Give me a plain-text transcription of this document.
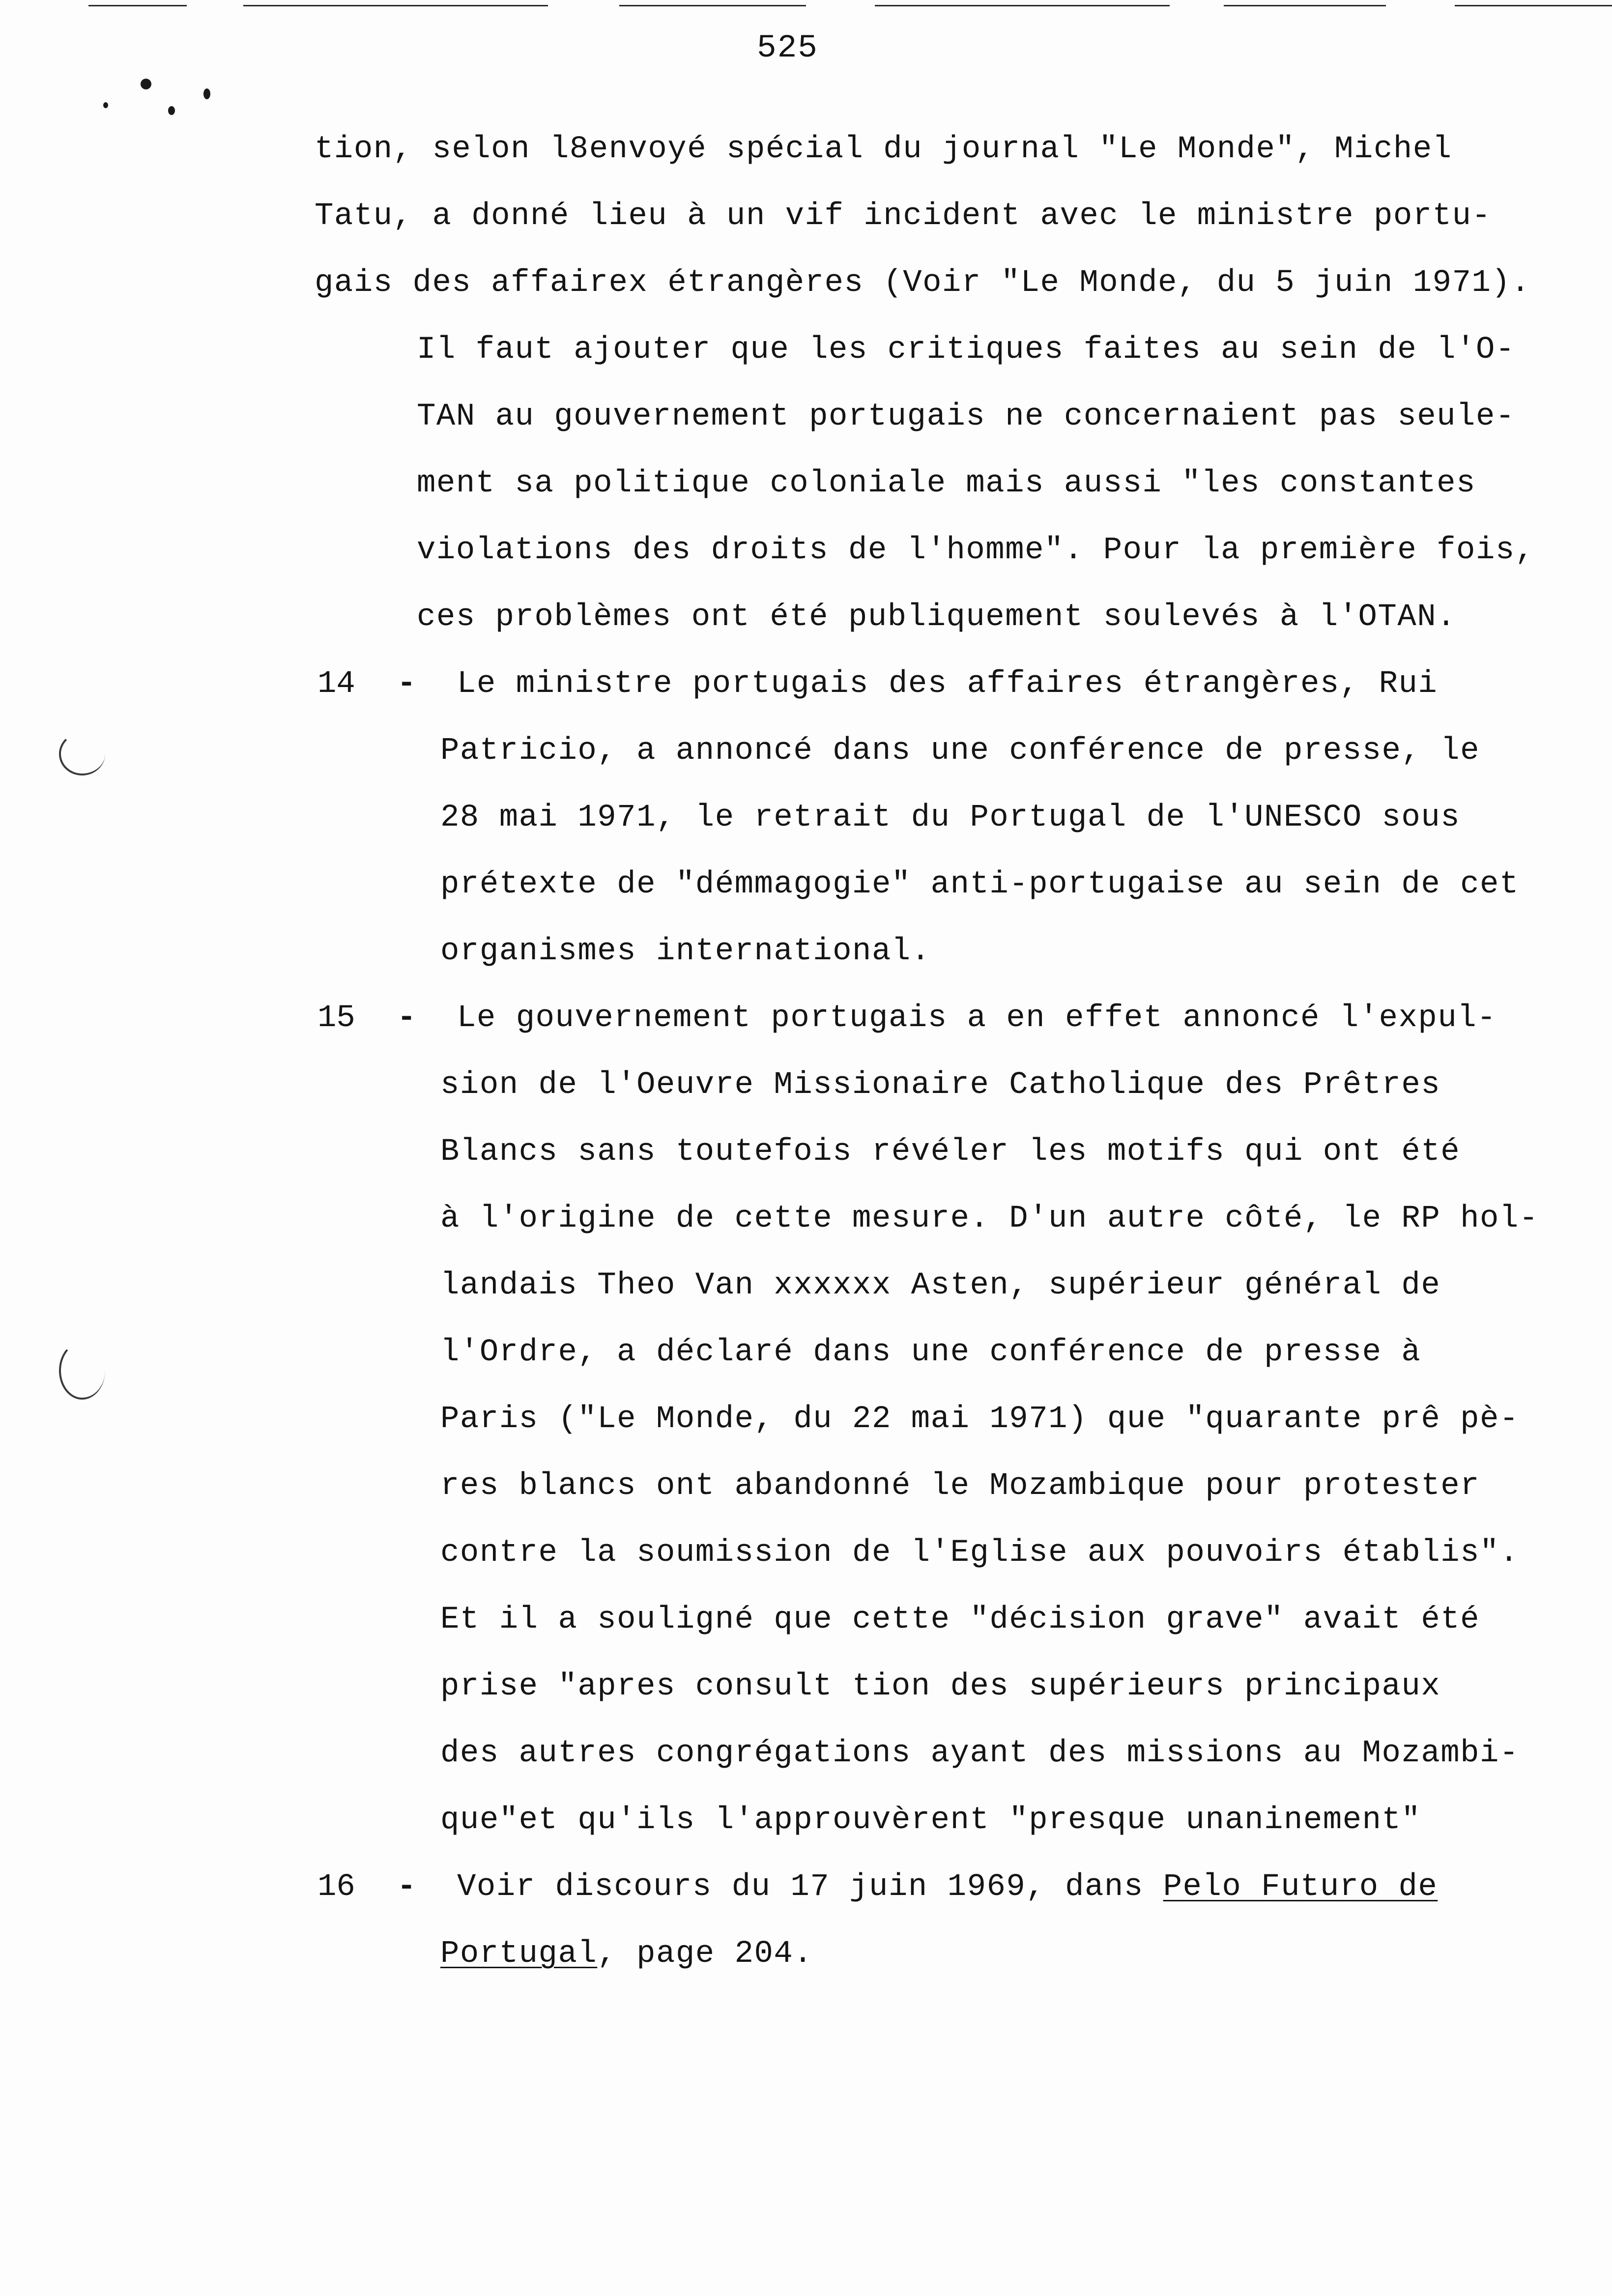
525
tion, selon l8envoyé spécial du journal "Le Monde", Michel
Tatu, a donné lieu à un vif incident avec le ministre portu-
gais des affairex étrangères (Voir "Le Monde, du 5 juin 1971).
Il faut ajouter que les critiques faites au sein de l'O-
TAN au gouvernement portugais ne concernaient pas seule-
ment sa politique coloniale mais aussi "les constantes
violations des droits de l'homme". Pour la première fois,
ces problèmes ont été publiquement soulevés à l'OTAN.
14 - Le ministre portugais des affaires étrangères, Rui
Patricio, a annoncé dans une conférence de presse, le
28 mai 1971, le retrait du Portugal de l'UNESCO sous
prétexte de "démmagogie" anti-portugaise au sein de cet
organismes international.
15 - Le gouvernement portugais a en effet annoncé l'expul-
sion de l'Oeuvre Missionaire Catholique des Prêtres
Blancs sans toutefois révéler les motifs qui ont été
à l'origine de cette mesure. D'un autre côté, le RP hol-
landais Theo Van xxxxxx Asten, supérieur général de
l'Ordre, a déclaré dans une conférence de presse à
Paris ("Le Monde, du 22 mai 1971) que "quarante prê pè-
res blancs ont abandonné le Mozambique pour protester
contre la soumission de l'Eglise aux pouvoirs établis".
Et il a souligné que cette "décision grave" avait été
prise "apres consult tion des supérieurs principaux
des autres congrégations ayant des missions au Mozambi-
que"et qu'ils l'approuvèrent "presque unaninement"
16 - Voir discours du 17 juin 1969, dans Pelo Futuro de
Portugal, page 204.
